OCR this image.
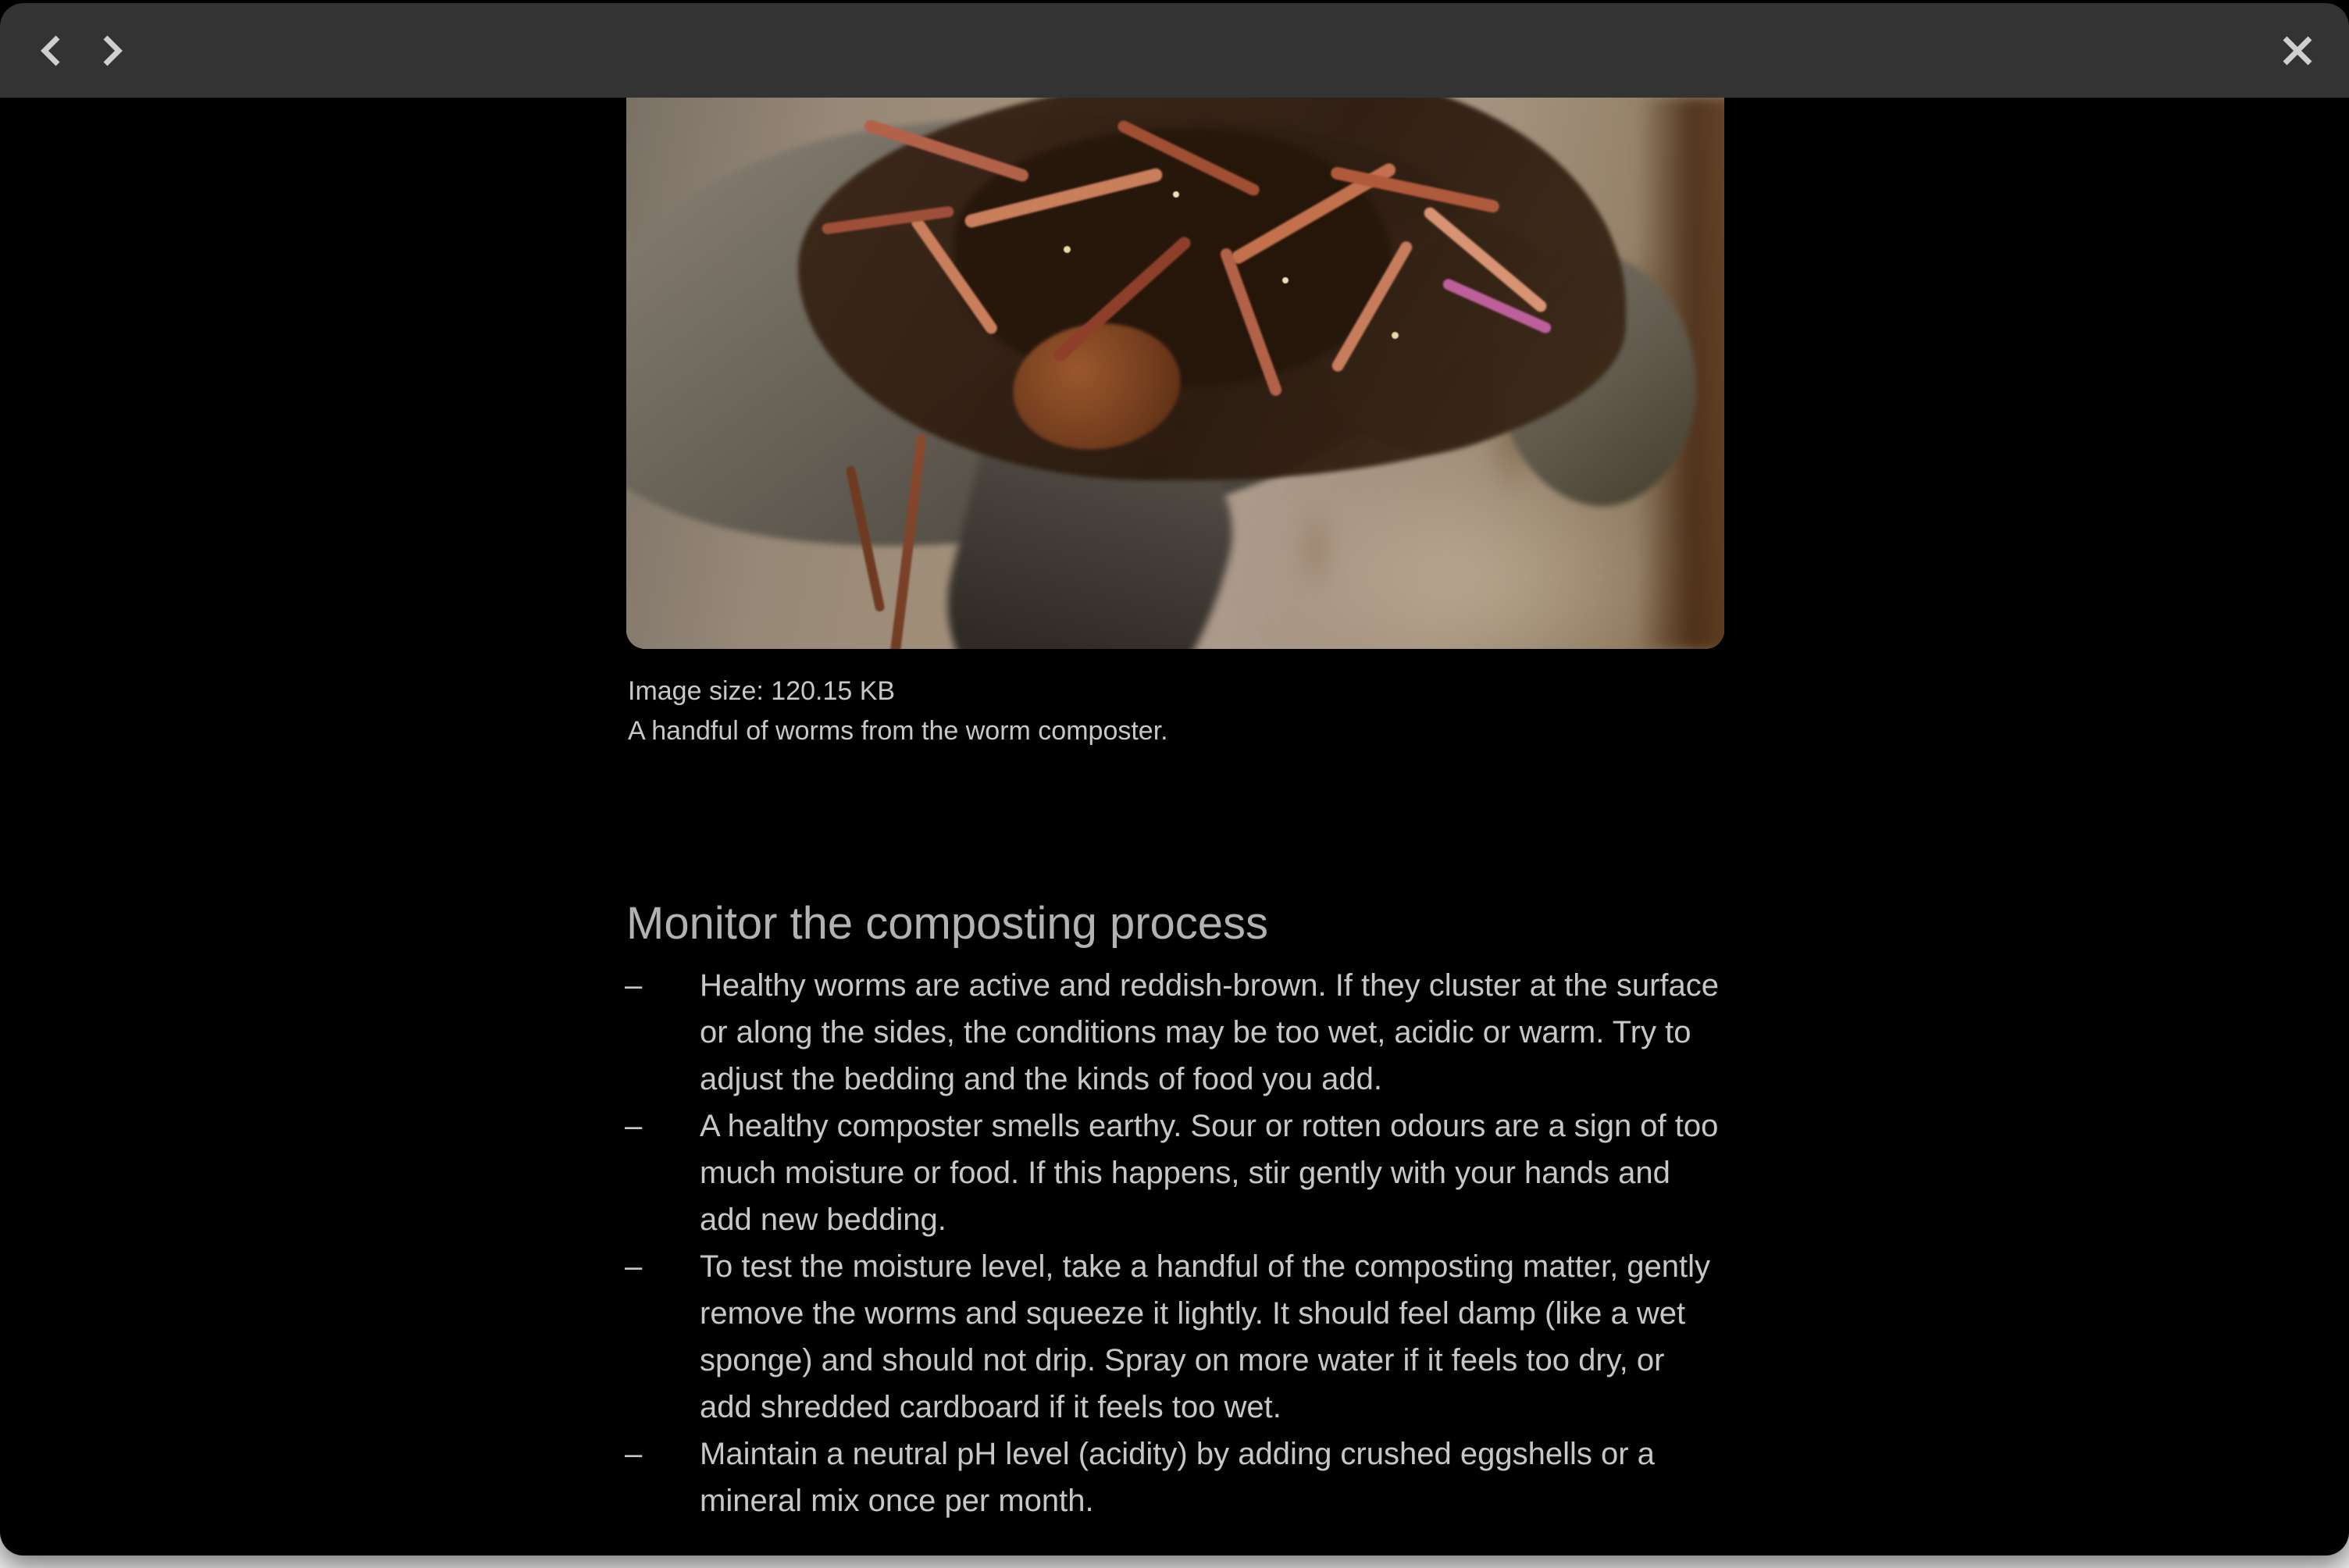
Image size: 120.15 KB

A handful of worms from the worm composter.

Monitor the composting process
– Healthy worms are active and reddish-brown. If they cluster at the surface or along the sides, the conditions may be too wet, acidic or warm. Try to adjust the bedding and the kinds of food you add.
– A healthy composter smells earthy. Sour or rotten odours are a sign of too much moisture or food. If this happens, stir gently with your hands and add new bedding.
– To test the moisture level, take a handful of the composting matter, gently remove the worms and squeeze it lightly. It should feel damp (like a wet sponge) and should not drip. Spray on more water if it feels too dry, or add shredded cardboard if it feels too wet.
– Maintain a neutral pH level (acidity) by adding crushed eggshells or a mineral mix once per month.
